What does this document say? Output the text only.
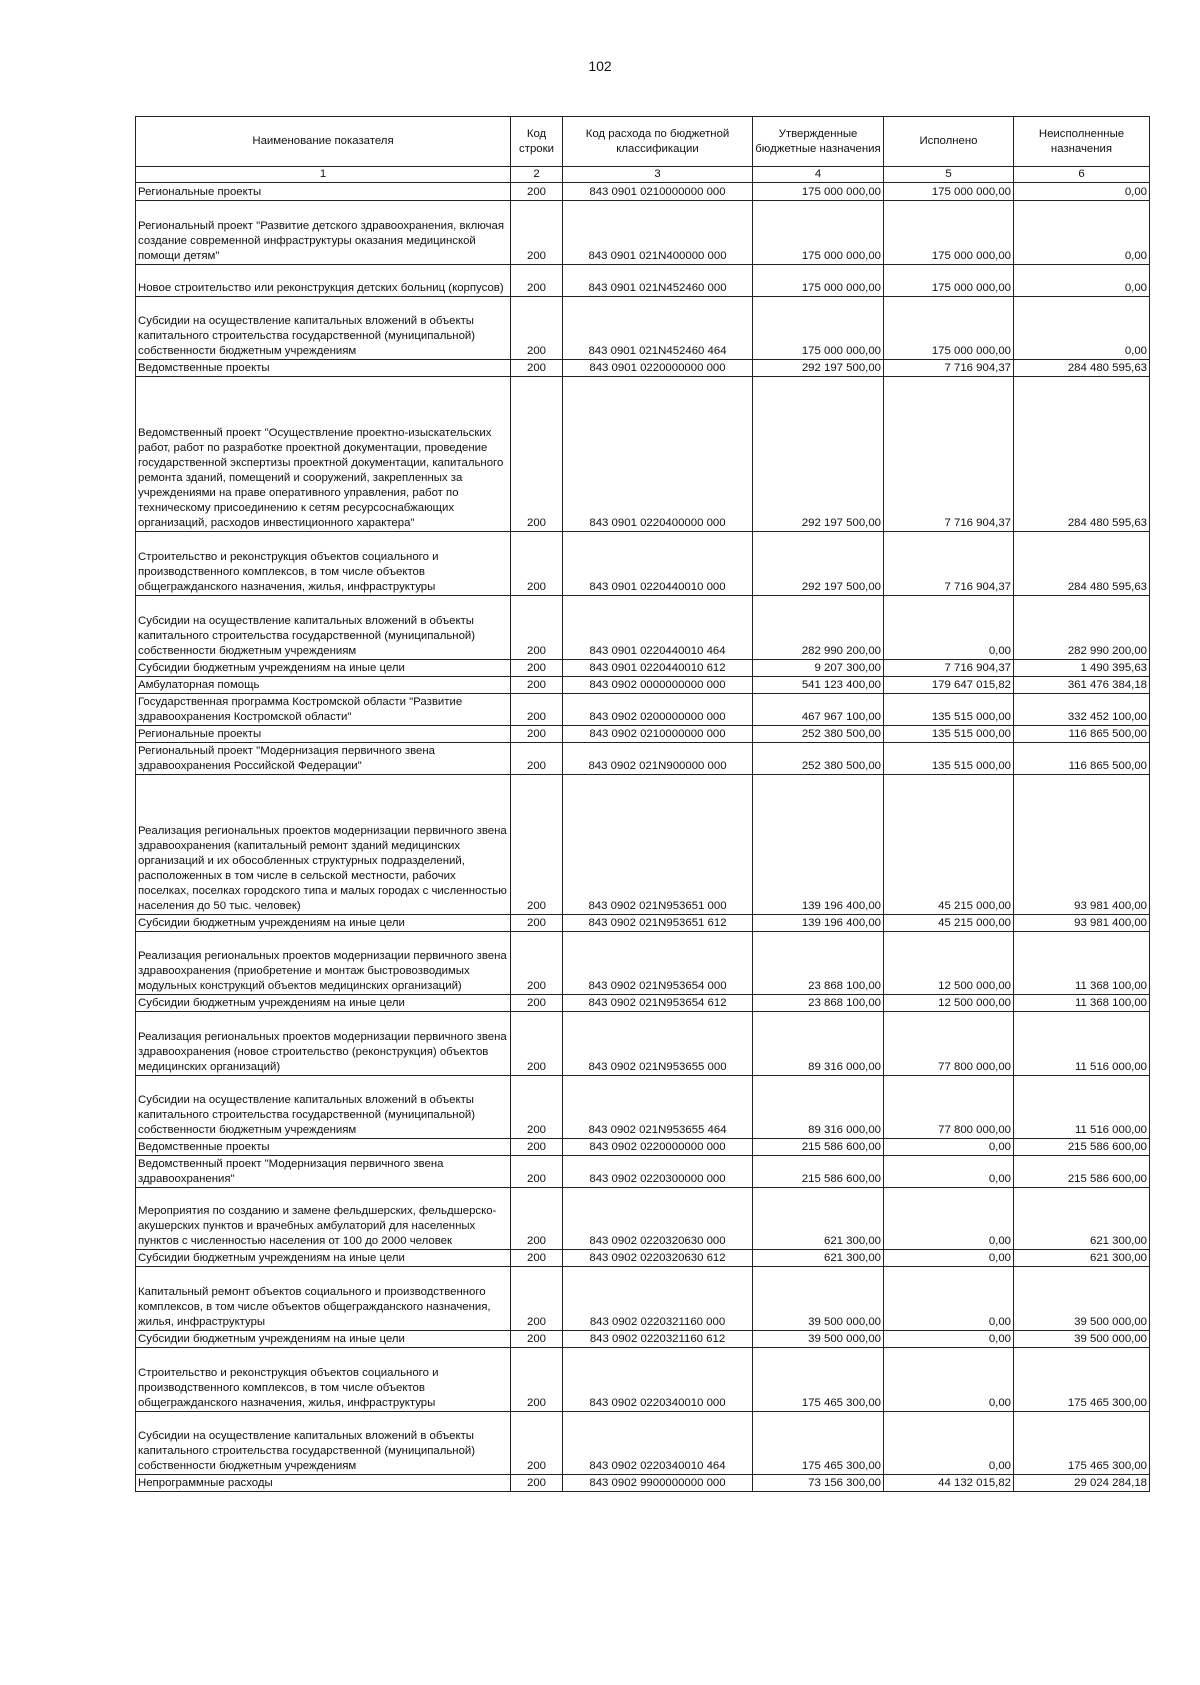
102
Наименование показателя	Код строки	Код расхода по бюджетной классификации	Утвержденные бюджетные назначения	Исполнено	Неисполненные назначения
1	2	3	4	5	6
Региональные проекты	200	843 0901 0210000000 000	175 000 000,00	175 000 000,00	0,00
Региональный проект "Развитие детского здравоохранения, включая создание современной инфраструктуры оказания медицинской помощи детям"	200	843 0901 021N400000 000	175 000 000,00	175 000 000,00	0,00
Новое строительство или реконструкция детских больниц (корпусов)	200	843 0901 021N452460 000	175 000 000,00	175 000 000,00	0,00
Субсидии на осуществление капитальных вложений в объекты капитального строительства государственной (муниципальной) собственности бюджетным учреждениям	200	843 0901 021N452460 464	175 000 000,00	175 000 000,00	0,00
Ведомственные проекты	200	843 0901 0220000000 000	292 197 500,00	7 716 904,37	284 480 595,63
Ведомственный проект "Осуществление проектно-изыскательских работ, работ по разработке проектной документации, проведение государственной экспертизы проектной документации, капитального ремонта зданий, помещений и сооружений, закрепленных за учреждениями на праве оперативного управления, работ по техническому присоединению к сетям ресурсоснабжающих организаций, расходов инвестиционного характера"	200	843 0901 0220400000 000	292 197 500,00	7 716 904,37	284 480 595,63
Строительство и реконструкция объектов социального и производственного комплексов, в том числе объектов общегражданского назначения, жилья, инфраструктуры	200	843 0901 0220440010 000	292 197 500,00	7 716 904,37	284 480 595,63
Субсидии на осуществление капитальных вложений в объекты капитального строительства государственной (муниципальной) собственности бюджетным учреждениям	200	843 0901 0220440010 464	282 990 200,00	0,00	282 990 200,00
Субсидии бюджетным учреждениям на иные цели	200	843 0901 0220440010 612	9 207 300,00	7 716 904,37	1 490 395,63
Амбулаторная помощь	200	843 0902 0000000000 000	541 123 400,00	179 647 015,82	361 476 384,18
Государственная программа Костромской области "Развитие здравоохранения Костромской области"	200	843 0902 0200000000 000	467 967 100,00	135 515 000,00	332 452 100,00
Региональные проекты	200	843 0902 0210000000 000	252 380 500,00	135 515 000,00	116 865 500,00
Региональный проект "Модернизация первичного звена здравоохранения Российской Федерации"	200	843 0902 021N900000 000	252 380 500,00	135 515 000,00	116 865 500,00
Реализация региональных проектов модернизации первичного звена здравоохранения (капитальный ремонт зданий медицинских организаций и их обособленных структурных подразделений, расположенных в том числе в сельской местности, рабочих поселках, поселках городского типа и малых городах с численностью населения до 50 тыс. человек)	200	843 0902 021N953651 000	139 196 400,00	45 215 000,00	93 981 400,00
Субсидии бюджетным учреждениям на иные цели	200	843 0902 021N953651 612	139 196 400,00	45 215 000,00	93 981 400,00
Реализация региональных проектов модернизации первичного звена здравоохранения (приобретение и монтаж быстровозводимых модульных конструкций объектов медицинских организаций)	200	843 0902 021N953654 000	23 868 100,00	12 500 000,00	11 368 100,00
Субсидии бюджетным учреждениям на иные цели	200	843 0902 021N953654 612	23 868 100,00	12 500 000,00	11 368 100,00
Реализация региональных проектов модернизации первичного звена здравоохранения (новое строительство (реконструкция) объектов медицинских организаций)	200	843 0902 021N953655 000	89 316 000,00	77 800 000,00	11 516 000,00
Субсидии на осуществление капитальных вложений в объекты капитального строительства государственной (муниципальной) собственности бюджетным учреждениям	200	843 0902 021N953655 464	89 316 000,00	77 800 000,00	11 516 000,00
Ведомственные проекты	200	843 0902 0220000000 000	215 586 600,00	0,00	215 586 600,00
Ведомственный проект "Модернизация первичного звена здравоохранения"	200	843 0902 0220300000 000	215 586 600,00	0,00	215 586 600,00
Мероприятия по созданию и замене фельдшерских, фельдшерско-акушерских пунктов и врачебных амбулаторий для населенных пунктов с численностью населения от 100 до 2000 человек	200	843 0902 0220320630 000	621 300,00	0,00	621 300,00
Субсидии бюджетным учреждениям на иные цели	200	843 0902 0220320630 612	621 300,00	0,00	621 300,00
Капитальный ремонт объектов социального и производственного комплексов, в том числе объектов общегражданского назначения, жилья, инфраструктуры	200	843 0902 0220321160 000	39 500 000,00	0,00	39 500 000,00
Субсидии бюджетным учреждениям на иные цели	200	843 0902 0220321160 612	39 500 000,00	0,00	39 500 000,00
Строительство и реконструкция объектов социального и производственного комплексов, в том числе объектов общегражданского назначения, жилья, инфраструктуры	200	843 0902 0220340010 000	175 465 300,00	0,00	175 465 300,00
Субсидии на осуществление капитальных вложений в объекты капитального строительства государственной (муниципальной) собственности бюджетным учреждениям	200	843 0902 0220340010 464	175 465 300,00	0,00	175 465 300,00
Непрограммные расходы	200	843 0902 9900000000 000	73 156 300,00	44 132 015,82	29 024 284,18
